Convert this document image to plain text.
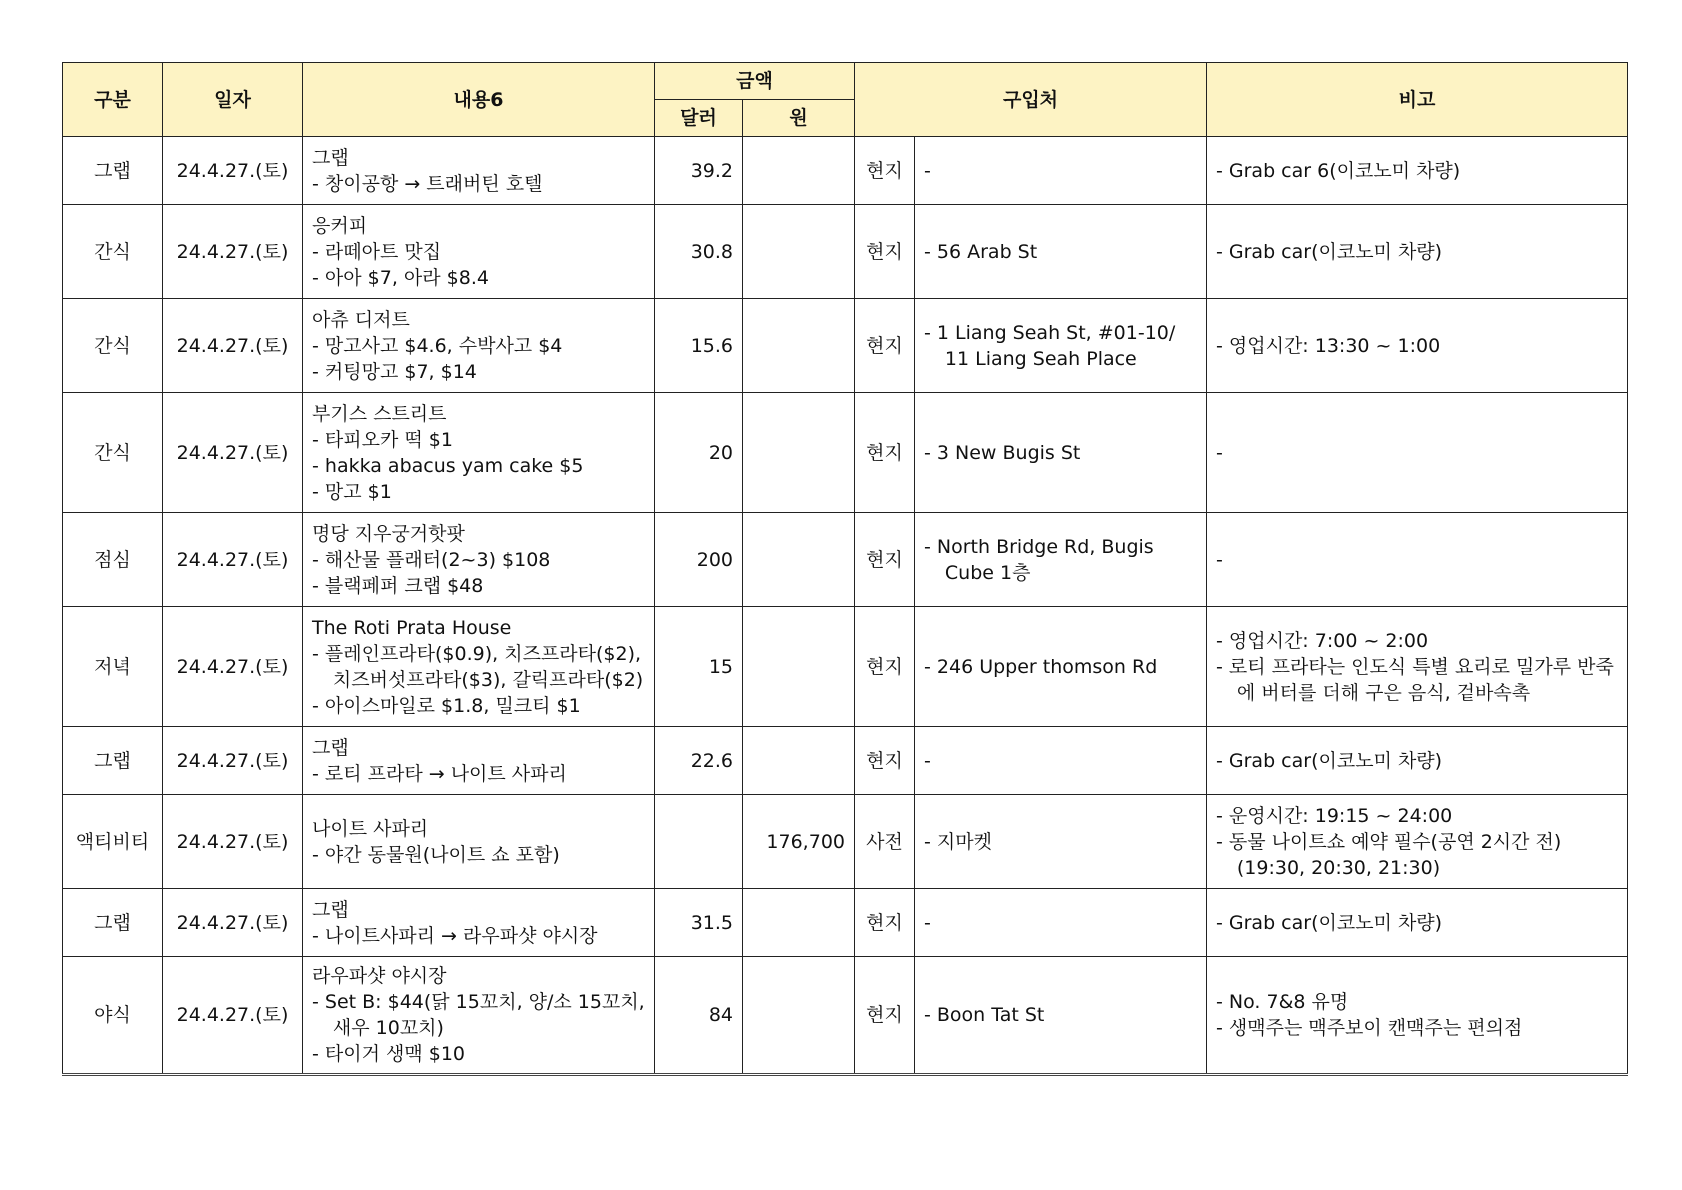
구분	일자	내용6	금액		구입처		비고
			달러	원			
그랩	24.4.27.(토)	그랩
- 창이공항 → 트래버틴 호텔	39.2		현지	-	- Grab car 6(이코노미 차량)

간식	24.4.27.(토)	응커피
- 라떼아트 맛집
- 아아 $7, 아라 $8.4	30.8		현지	- 56 Arab St	- Grab car(이코노미 차량)

간식	24.4.27.(토)	아츄 디저트
- 망고사고 $4.6, 수박사고 $4
- 커팅망고 $7, $14	15.6		현지	- 1 Liang Seah St, #01-10/ 11 Liang Seah Place	- 영업시간: 13:30 ~ 1:00

간식	24.4.27.(토)	부기스 스트리트
- 타피오카 떡 $1
- hakka abacus yam cake $5
- 망고 $1	20		현지	- 3 New Bugis St	-

점심	24.4.27.(토)	명당 지우궁거핫팟
- 해산물 플래터(2~3) $108
- 블랙페퍼 크랩 $48	200		현지	- North Bridge Rd, Bugis Cube 1층	-

저녁	24.4.27.(토)	The Roti Prata House
- 플레인프라타($0.9), 치즈프라타($2), 치즈버섯프라타($3), 갈릭프라타($2)
- 아이스마일로 $1.8, 밀크티 $1	15		현지	- 246 Upper thomson Rd	- 영업시간: 7:00 ~ 2:00
- 로티 프라타는 인도식 특별 요리로 밀가루 반죽에 버터를 더해 구은 음식, 겉바속촉

그랩	24.4.27.(토)	그랩
- 로티 프라타 → 나이트 사파리	22.6		현지	-	- Grab car(이코노미 차량)

액티비티	24.4.27.(토)	나이트 사파리
- 야간 동물원(나이트 쇼 포함)		176,700	사전	- 지마켓	- 운영시간: 19:15 ~ 24:00
- 동물 나이트쇼 예약 필수(공연 2시간 전) (19:30, 20:30, 21:30)

그랩	24.4.27.(토)	그랩
- 나이트사파리 → 라우파샷 야시장	31.5		현지	-	- Grab car(이코노미 차량)

야식	24.4.27.(토)	라우파샷 야시장
- Set B: $44(닭 15꼬치, 양/소 15꼬치, 새우 10꼬치)
- 타이거 생맥 $10	84		현지	- Boon Tat St	- No. 7&8 유명
- 생맥주는 맥주보이 캔맥주는 편의점
